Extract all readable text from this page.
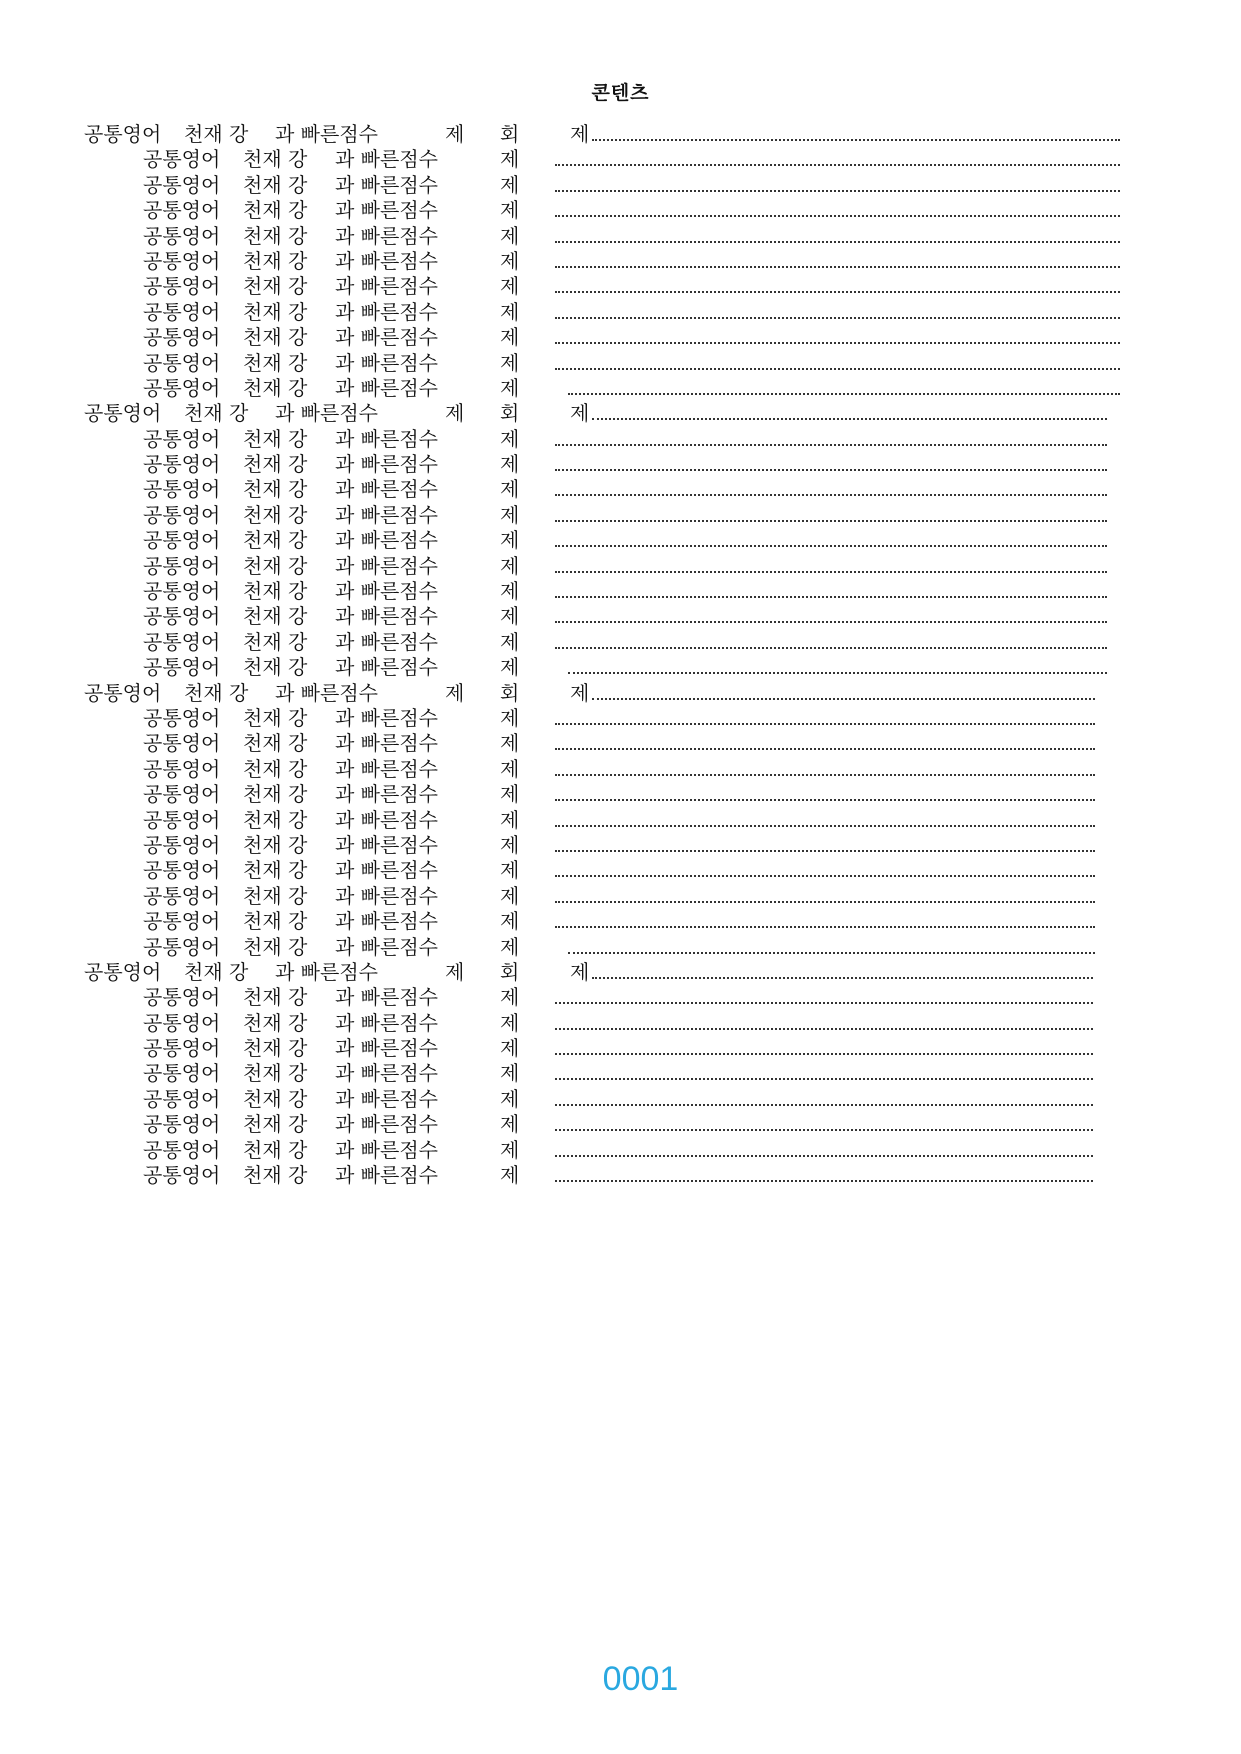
콘텐츠
공통영어 천재 강 과 빠른점수	제 회	제
공통영어 천재 강 과 빠른점수	제
공통영어 천재 강 과 빠른점수	제
공통영어 천재 강 과 빠른점수	제
공통영어 천재 강 과 빠른점수	제
공통영어 천재 강 과 빠른점수	제
공통영어 천재 강 과 빠른점수	제
공통영어 천재 강 과 빠른점수	제
공통영어 천재 강 과 빠른점수	제
공통영어 천재 강 과 빠른점수	제
공통영어 천재 강 과 빠른점수	제
공통영어 천재 강 과 빠른점수	제 회	제
공통영어 천재 강 과 빠른점수	제
공통영어 천재 강 과 빠른점수	제
공통영어 천재 강 과 빠른점수	제
공통영어 천재 강 과 빠른점수	제
공통영어 천재 강 과 빠른점수	제
공통영어 천재 강 과 빠른점수	제
공통영어 천재 강 과 빠른점수	제
공통영어 천재 강 과 빠른점수	제
공통영어 천재 강 과 빠른점수	제
공통영어 천재 강 과 빠른점수	제
공통영어 천재 강 과 빠른점수	제 회	제
공통영어 천재 강 과 빠른점수	제
공통영어 천재 강 과 빠른점수	제
공통영어 천재 강 과 빠른점수	제
공통영어 천재 강 과 빠른점수	제
공통영어 천재 강 과 빠른점수	제
공통영어 천재 강 과 빠른점수	제
공통영어 천재 강 과 빠른점수	제
공통영어 천재 강 과 빠른점수	제
공통영어 천재 강 과 빠른점수	제
공통영어 천재 강 과 빠른점수	제
공통영어 천재 강 과 빠른점수	제 회	제
공통영어 천재 강 과 빠른점수	제
공통영어 천재 강 과 빠른점수	제
공통영어 천재 강 과 빠른점수	제
공통영어 천재 강 과 빠른점수	제
공통영어 천재 강 과 빠른점수	제
공통영어 천재 강 과 빠른점수	제
공통영어 천재 강 과 빠른점수	제
공통영어 천재 강 과 빠른점수	제
0001
